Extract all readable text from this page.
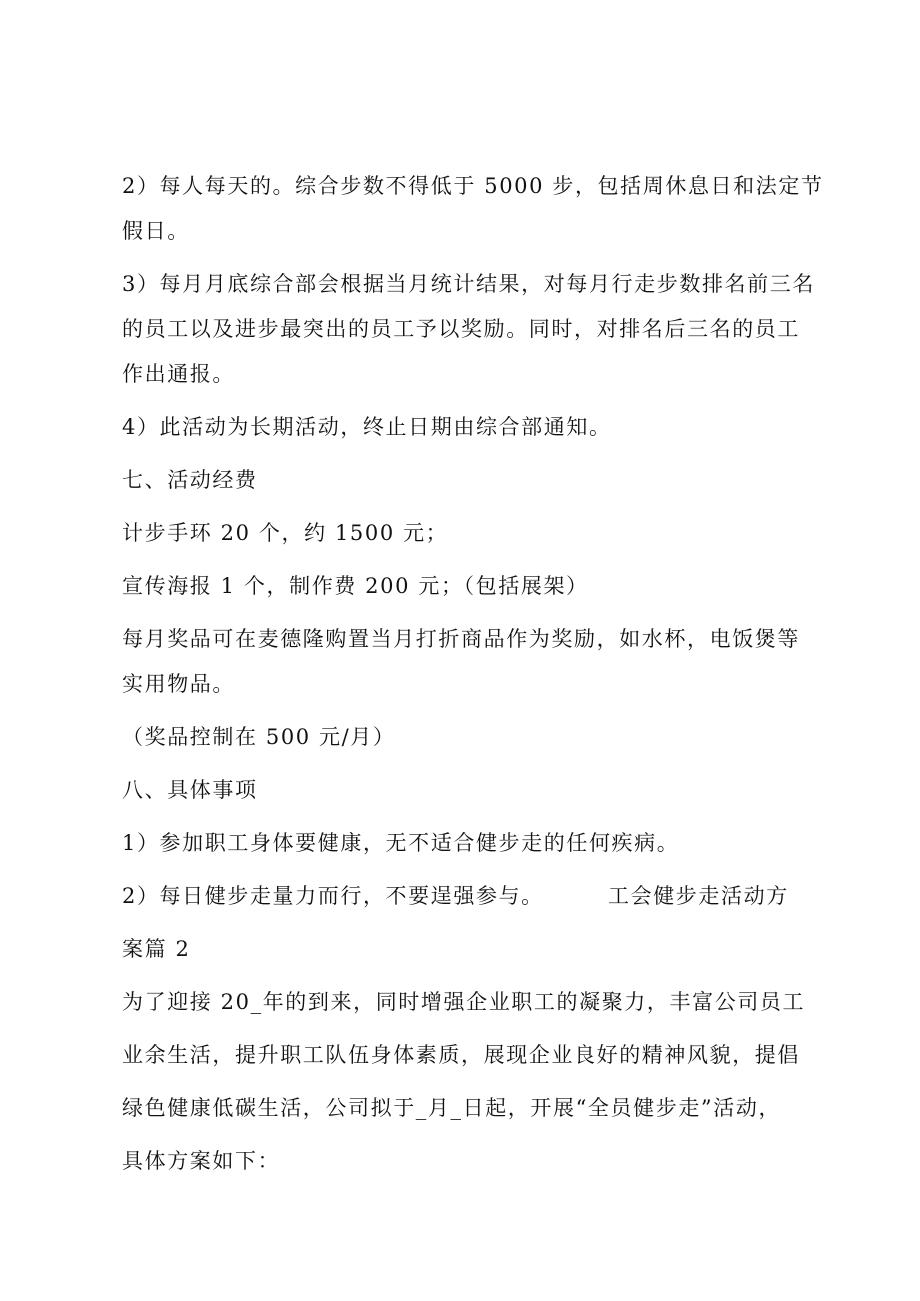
2）每人每天的。综合步数不得低于 5000 步，包括周休息日和法定节
假日。
3）每月月底综合部会根据当月统计结果，对每月行走步数排名前三名
的员工以及进步最突出的员工予以奖励。同时，对排名后三名的员工
作出通报。
4）此活动为长期活动，终止日期由综合部通知。
七、活动经费
计步手环 20 个，约 1500 元；
宣传海报 1 个，制作费 200 元；（包括展架）
每月奖品可在麦德隆购置当月打折商品作为奖励，如水杯，电饭煲等
实用物品。
（奖品控制在 500 元/月）
八、具体事项
1）参加职工身体要健康，无不适合健步走的任何疾病。
2）每日健步走量力而行，不要逞强参与。	工会健步走活动方
案篇 2
为了迎接 20_年的到来，同时增强企业职工的凝聚力，丰富公司员工
业余生活，提升职工队伍身体素质，展现企业良好的精神风貌，提倡
绿色健康低碳生活，公司拟于_月_日起，开展“全员健步走”活动，
具体方案如下：
